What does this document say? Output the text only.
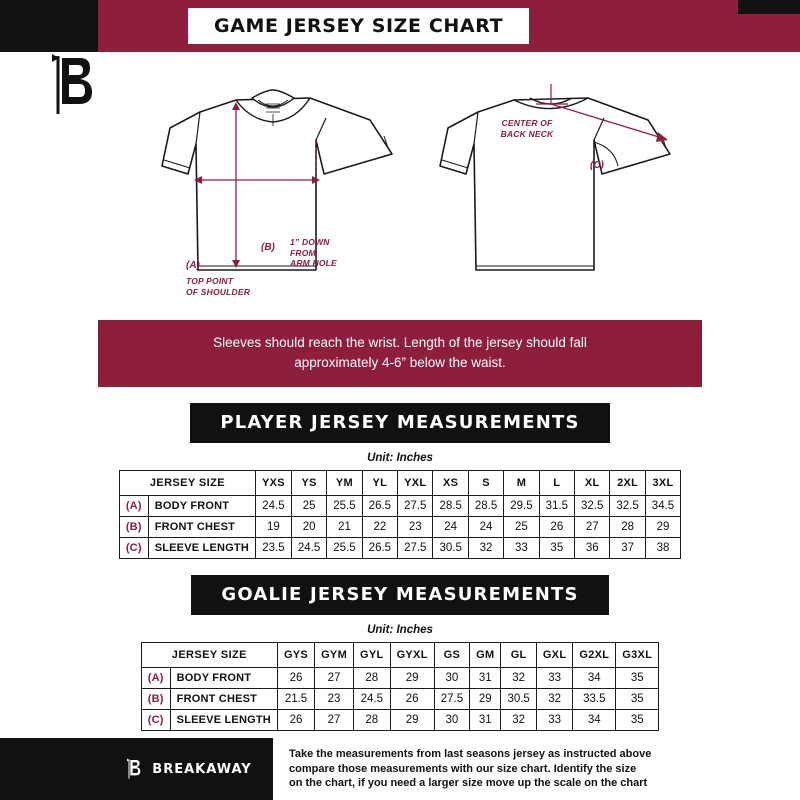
GAME JERSEY SIZE CHART
(A)
TOP POINT
OF SHOULDER
(B) 1” DOWN
FROM
ARM HOLE
(C)
CENTER OF
BACK NECK
Sleeves should reach the wrist. Length of the jersey should fall
approximately 4-6” below the waist.
PLAYER JERSEY MEASUREMENTS
Unit: Inches
JERSEY SIZE		YXS	YS	YM	YL	YXL	XS	S	M	L	XL	2XL	3XL
(A)	BODY FRONT	24.5	25	25.5	26.5	27.5	28.5	28.5	29.5	31.5	32.5	32.5	34.5
(B)	FRONT CHEST	19	20	21	22	23	24	24	25	26	27	28	29
(C)	SLEEVE LENGTH	23.5	24.5	25.5	26.5	27.5	30.5	32	33	35	36	37	38
GOALIE JERSEY MEASUREMENTS
Unit: Inches
JERSEY SIZE		GYS	GYM	GYL	GYXL	GS	GM	GL	GXL	G2XL	G3XL
(A)	BODY FRONT	26	27	28	29	30	31	32	33	34	35
(B)	FRONT CHEST	21.5	23	24.5	26	27.5	29	30.5	32	33.5	35
(C)	SLEEVE LENGTH	26	27	28	29	30	31	32	33	34	35
BREAKAWAY
Take the measurements from last seasons jersey as instructed above
compare those measurements with our size chart. Identify the size
on the chart, if you need a larger size move up the scale on the chart
